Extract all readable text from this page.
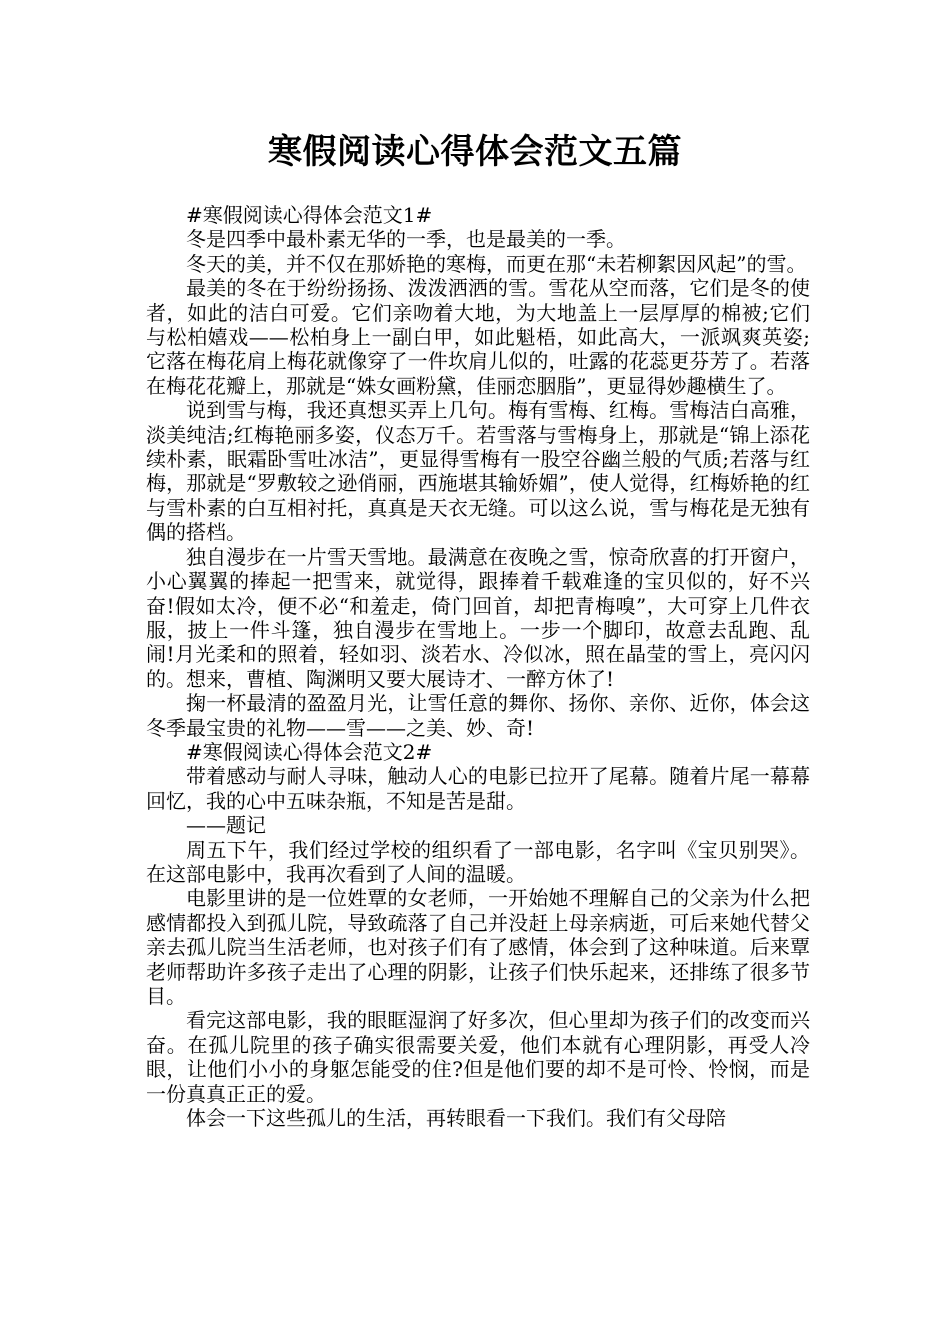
寒假阅读心得体会范文五篇

#寒假阅读心得体会范文1#

冬是四季中最朴素无华的一季，也是最美的一季。

冬天的美，并不仅在那娇艳的寒梅，而更在那“未若柳絮因风起”的雪。

最美的冬在于纷纷扬扬、泼泼洒洒的雪。雪花从空而落，它们是冬的使者，如此的洁白可爱。它们亲吻着大地，为大地盖上一层厚厚的棉被;它们与松柏嬉戏——松柏身上一副白甲，如此魁梧，如此高大，一派飒爽英姿;它落在梅花肩上梅花就像穿了一件坎肩儿似的，吐露的花蕊更芬芳了。若落在梅花花瓣上，那就是“姝女画粉黛，佳丽恋胭脂”，更显得妙趣横生了。

说到雪与梅，我还真想买弄上几句。梅有雪梅、红梅。雪梅洁白高雅，淡美纯洁;红梅艳丽多姿，仪态万千。若雪落与雪梅身上，那就是“锦上添花续朴素，眠霜卧雪吐冰洁”，更显得雪梅有一股空谷幽兰般的气质;若落与红梅，那就是“罗敷较之逊俏丽，西施堪其输娇媚”，使人觉得，红梅娇艳的红与雪朴素的白互相衬托，真真是天衣无缝。可以这么说，雪与梅花是无独有偶的搭档。

独自漫步在一片雪天雪地。最满意在夜晚之雪，惊奇欣喜的打开窗户，小心翼翼的捧起一把雪来，就觉得，跟捧着千载难逢的宝贝似的，好不兴奋!假如太冷，便不必“和羞走，倚门回首，却把青梅嗅”，大可穿上几件衣服，披上一件斗篷，独自漫步在雪地上。一步一个脚印，故意去乱跑、乱闹!月光柔和的照着，轻如羽、淡若水、冷似冰，照在晶莹的雪上，亮闪闪的。想来，曹植、陶渊明又要大展诗才、一醉方休了!

掬一杯最清的盈盈月光，让雪任意的舞你、扬你、亲你、近你，体会这冬季最宝贵的礼物——雪——之美、妙、奇!

#寒假阅读心得体会范文2#

带着感动与耐人寻味，触动人心的电影已拉开了尾幕。随着片尾一幕幕回忆，我的心中五味杂瓶，不知是苦是甜。

——题记

周五下午，我们经过学校的组织看了一部电影，名字叫《宝贝别哭》。在这部电影中，我再次看到了人间的温暖。

电影里讲的是一位姓覃的女老师，一开始她不理解自己的父亲为什么把感情都投入到孤儿院，导致疏落了自己并没赶上母亲病逝，可后来她代替父亲去孤儿院当生活老师，也对孩子们有了感情，体会到了这种味道。后来覃老师帮助许多孩子走出了心理的阴影，让孩子们快乐起来，还排练了很多节目。

看完这部电影，我的眼眶湿润了好多次，但心里却为孩子们的改变而兴奋。在孤儿院里的孩子确实很需要关爱，他们本就有心理阴影，再受人冷眼，让他们小小的身躯怎能受的住?但是他们要的却不是可怜、怜悯，而是一份真真正正的爱。

体会一下这些孤儿的生活，再转眼看一下我们。我们有父母陪
